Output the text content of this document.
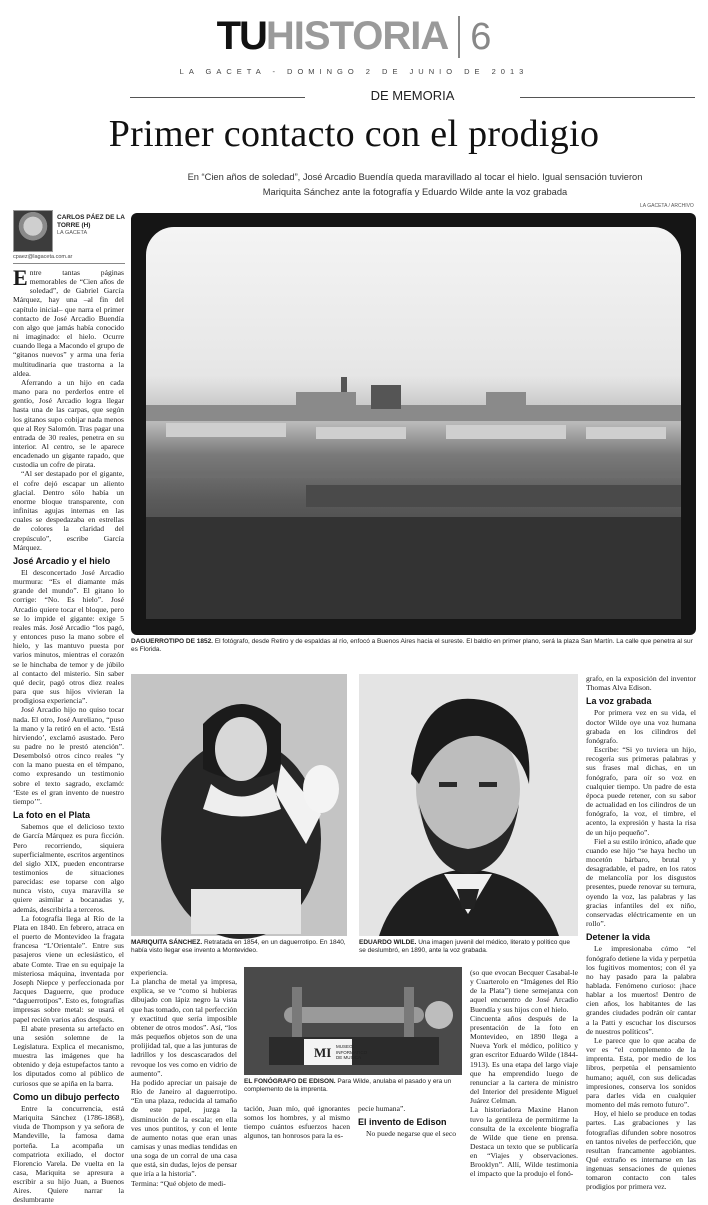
TUHISTORIA 6
LA GACETA - DOMINGO 2 DE JUNIO DE 2013
DE MEMORIA
Primer contacto con el prodigio
En “Cien años de soledad”, José Arcadio Buendía queda maravillado al tocar el hielo. Igual sensación tuvieron Mariquita Sánchez ante la fotografía y Eduardo Wilde ante la voz grabada
CARLOS PÁEZ DE LA TORRE (H)
LA GACETA
cpaez@lagaceta.com.ar

Entre tantas páginas memorables de “Cien años de soledad”, de Gabriel García Márquez, hay una –al fin del capítulo inicial– que narra el primer contacto de José Arcadio Buendía con algo que jamás había conocido ni imaginado: el hielo. Ocurre cuando llega a Macondo el grupo de “gitanos nuevos” y arma una feria multitudinaria que trastorna a la aldea.

Aferrando a un hijo en cada mano para no perderlos entre el gentío, José Arcadio logra llegar hasta una de las carpas, que según los gitanos supo cobijar nada menos que al Rey Salomón. Tras pagar una entrada de 30 reales, penetra en su interior. Al centro, se le aparece encadenado un gigante rapado, que custodia un cofre de pirata.

“Al ser destapado por el gigante, el cofre dejó escapar un aliento glacial. Dentro sólo había un enorme bloque transparente, con infinitas agujas internas en las cuales se despedazaba en estrellas de colores la claridad del crepúsculo”, escribe García Márquez.

José Arcadio y el hielo

El desconcertado José Arcadio murmura: “Es el diamante más grande del mundo”. El gitano lo corrige: “No. Es hielo”. José Arcadio quiere tocar el bloque, pero se lo impide el gigante: exige 5 reales más. José Arcadio “los pagó, y entonces puso la mano sobre el hielo, y las mantuvo puesta por varios minutos, mientras el corazón se le hinchaba de temor y de júbilo al contacto del misterio. Sin saber qué decir, pagó otros diez reales para que sus hijos vivieran la prodigiosa experiencia”.

José Arcadio hijo no quiso tocar nada. El otro, José Aureliano, “puso la mano y la retiró en el acto. ‘Está hirviendo’, exclamó asustado. Pero su padre no le prestó atención”. Desembolsó otros cinco reales “y con la mano puesta en el témpano, como expresando un testimonio sobre el texto sagrado, exclamó: ‘Este es el gran invento de nuestro tiempo’”.

La foto en el Plata

Sabemos que el delicioso texto de García Márquez es pura ficción. Pero recorriendo, siquiera superficialmente, escritos argentinos del siglo XIX, pueden encontrarse testimonios de situaciones parecidas: ese toparse con algo nunca visto, cuya maravilla se quiere asimilar a bocanadas y, además, describirla a terceros.

La fotografía llega al Río de la Plata en 1840. En febrero, atraca en el puerto de Montevideo la fragata francesa “L’Orientale”. Entre sus pasajeros viene un eclesiástico, el abate Comte. Trae en su equipaje la misteriosa máquina, inventada por Joseph Niepce y perfeccionada por Jacques Daguerre, que produce “daguerrotipos”. Esto es, fotografías impresas sobre metal: se usará el papel recién varios años después.

El abate presenta su artefacto en una sesión solemne de la Legislatura. Explica el mecanismo, muestra las imágenes que ha obtenido y deja estupefactos tanto a los diputados como al público de curiosos que se apiña en la barra.

Como un dibujo perfecto

Entre la concurrencia, está Mariquita Sánchez (1786-1868), viuda de Thompson y ya señora de Mandeville, la famosa dama porteña. La acompaña un compatriota exiliado, el doctor Florencio Varela. De vuelta en la casa, Mariquita se apresura a escribir a su hijo Juan, a Buenos Aires. Quiere narrar la deslumbrante

LA GACETA / ARCHIVO
DAGUERROTIPO DE 1852. El fotógrafo, desde Retiro y de espaldas al río, enfocó a Buenos Aires hacia el sureste. El baldío en primer plano, será la plaza San Martín. La calle que penetra al sur es Florida.
MARIQUITA SÁNCHEZ. Retratada en 1854, en un daguerrotipo. En 1840, había visto llegar ese invento a Montevideo.
EDUARDO WILDE. Una imagen juvenil del médico, literato y político que se deslumbró, en 1890, ante la voz grabada.

grafo, en la exposición del inventor Thomas Alva Edison.

La voz grabada

Por primera vez en su vida, el doctor Wilde oye una voz humana grabada en los cilindros del fonógrafo.

Escribe: “Si yo tuviera un hijo, recogería sus primeras palabras y sus frases mal dichas, en un fonógrafo, para oír so voz en cualquier tiempo. Un padre de esta época puede retener, con su sabor de actualidad en los cilindros de un fonógrafo, la voz, el timbre, el acento, la expresión y hasta la risa de un hijo pequeño”.

Fiel a su estilo irónico, añade que cuando ese hijo “se haya hecho un mocetón bárbaro, brutal y desagradable, el padre, en los ratos de melancolía por los disgustos presentes, puede renovar su ternura, oyendo la voz, las palabras y las gracias infantiles del ex niño, conservadas eléctricamente en un rollo”.

Detener la vida

Le impresionaba cómo “el fonógrafo detiene la vida y perpetúa los fugitivos momentos; con él ya no hay pasado para la palabra hablada. Fenómeno curioso: ¡hace hablar a los muertos! Dentro de cien años, los habitantes de las grandes ciudades podrán oír cantar a la Patti y escuchar los discursos de nuestros políticos”.

Le parece que lo que acaba de ver es “el complemento de la imprenta. Esta, por medio de los libros, perpetúa el pensamiento humano; aquél, con sus delicadas impresiones, conserva los sonidos para darles vida en cualquier momento del más remoto futuro”.

Hoy, el hielo se produce en todas partes. Las grabaciones y las fotografías difunden sobre nosotros en tantos niveles de perfección, que resultan francamente agobiantes. Qué extraño es internarse en las ingenuas sensaciones de quienes tomaron contacto con tales prodigios por primera vez.

experiencia.
La plancha de metal ya impresa, explica, se ve “como si hubieras dibujado con lápiz negro la vista que has tomado, con tal perfección y exactitud que sería imposible obtener de otros modos”. Así, “los más pequeños objetos son de una prolijidad tal, que a las junturas de ladrillos y los descascarados del revoque los ves como en vidrio de aumento”.
Ha podido apreciar un paisaje de Río de Janeiro al daguerrotipo. “En una plaza, reducida al tamaño de este papel, juzga la disminución de la escala; en ella ves unos puntitos, y con el lente de aumento notas que eran unas camisas y unas medias tendidas en una soga de un corral de una casa que está, sin dudas, lejos de pensar que iría a la historia”.
Termina: “Qué objeto de medi-
MI MUSEO
INFORMATICO
DE MUSICA
EL FONÓGRAFO DE EDISON. Para Wilde, anulaba el pasado y era un complemento de la imprenta.
tación, Juan mío, qué ignorantes somos los hombres, y al mismo tiempo cuántos esfuerzos hacen algunos, tan honrosos para la es-

pecie humana”.

El invento de Edison

No puede negarse que el seco

(so que evocan Becquer Casabal-le y Cuarterolo en “Imágenes del Río de la Plata”) tiene semejanza con aquel encuentro de José Arcadio Buendía y sus hijos con el hielo.
Cincuenta años después de la presentación de la foto en Montevideo, en 1890 llega a Nueva York el médico, político y gran escritor Eduardo Wilde (1844-1913). Es una etapa del largo viaje que ha emprendido luego de renunciar a la cartera de ministro del Interior del presidente Miguel Juárez Celman.
La historiadora Maxine Hanon tuvo la gentileza de permitirme la consulta de la excelente biografía de Wilde que tiene en prensa. Destaca un texto que se publicaría en “Viajes y observaciones. Brooklyn”. Allí, Wilde testimonia el impacto que la produjo el fonó-
